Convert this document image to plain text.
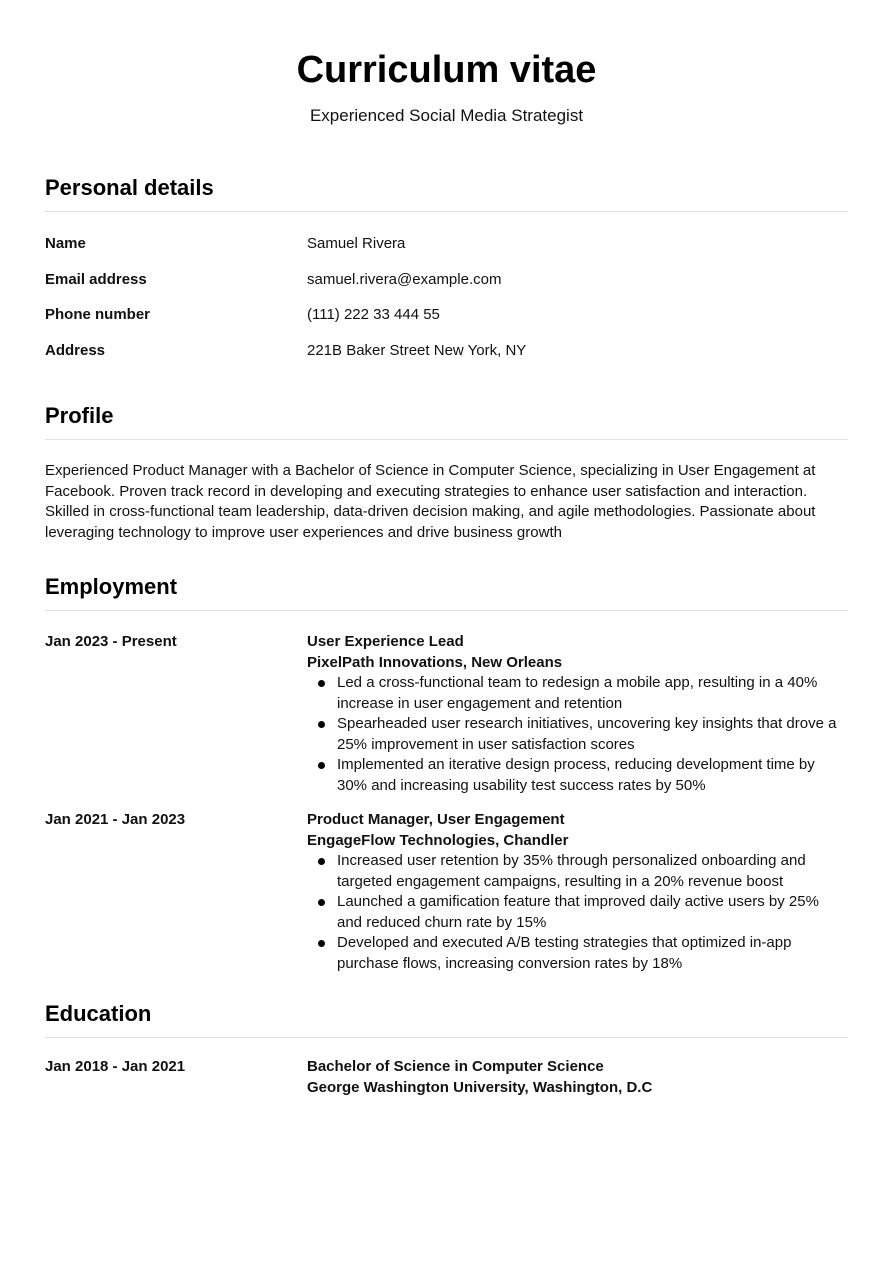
Curriculum vitae

Experienced Social Media Strategist

Personal details
Name	Samuel Rivera
Email address	samuel.rivera@example.com
Phone number	(111) 222 33 444 55
Address	221B Baker Street New York, NY
Profile

Experienced Product Manager with a Bachelor of Science in Computer Science, specializing in User Engagement at Facebook. Proven track record in developing and executing strategies to enhance user satisfaction and interaction. Skilled in cross-functional team leadership, data-driven decision making, and agile methodologies. Passionate about leveraging technology to improve user experiences and drive business growth

Employment
Jan 2023 - Present	User Experience Lead
PixelPath Innovations, New Orleans
Led a cross-functional team to redesign a mobile app, resulting in a 40% increase in user engagement and retention
Spearheaded user research initiatives, uncovering key insights that drove a 25% improvement in user satisfaction scores
Implemented an iterative design process, reducing development time by 30% and increasing usability test success rates by 50%
Jan 2021 - Jan 2023	Product Manager, User Engagement
EngageFlow Technologies, Chandler
Increased user retention by 35% through personalized onboarding and targeted engagement campaigns, resulting in a 20% revenue boost
Launched a gamification feature that improved daily active users by 25% and reduced churn rate by 15%
Developed and executed A/B testing strategies that optimized in-app purchase flows, increasing conversion rates by 18%
Education
Jan 2018 - Jan 2021	Bachelor of Science in Computer Science
George Washington University, Washington, D.C
